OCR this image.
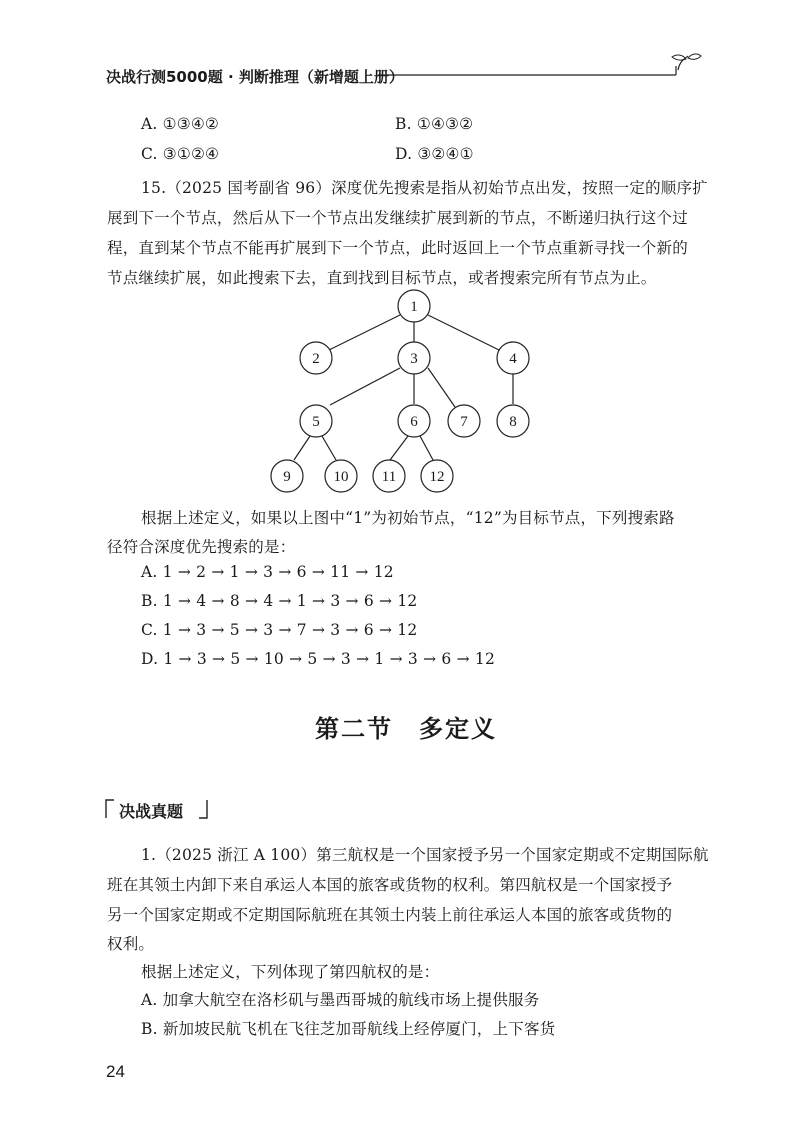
决战行测5000题 · 判断推理（新增题上册）
A. ①③④②	B. ①④③②
C. ③①②④	D. ③②④①
15.（2025 国考副省 96）深度优先搜索是指从初始节点出发，按照一定的顺序扩
展到下一个节点，然后从下一个节点出发继续扩展到新的节点，不断递归执行这个过
程，直到某个节点不能再扩展到下一个节点，此时返回上一个节点重新寻找一个新的
节点继续扩展，如此搜索下去，直到找到目标节点，或者搜索完所有节点为止。
1
2	3	4
5	6	7	8
9	10 11 12
根据上述定义，如果以上图中“1”为初始节点，“12”为目标节点，下列搜索路
径符合深度优先搜索的是：
A. 1 → 2 → 1 → 3 → 6 → 11 → 12
B. 1 → 4 → 8 → 4 → 1 → 3 → 6 → 12
C. 1 → 3 → 5 → 3 → 7 → 3 → 6 → 12
D. 1 → 3 → 5 → 10 → 5 → 3 → 1 → 3 → 6 → 12
第二节　多定义
决战真题
1.（2025 浙江 A 100）第三航权是一个国家授予另一个国家定期或不定期国际航
班在其领土内卸下来自承运人本国的旅客或货物的权利。第四航权是一个国家授予
另一个国家定期或不定期国际航班在其领土内装上前往承运人本国的旅客或货物的
权利。
根据上述定义，下列体现了第四航权的是：
A. 加拿大航空在洛杉矶与墨西哥城的航线市场上提供服务
B. 新加坡民航飞机在飞往芝加哥航线上经停厦门，上下客货
24
